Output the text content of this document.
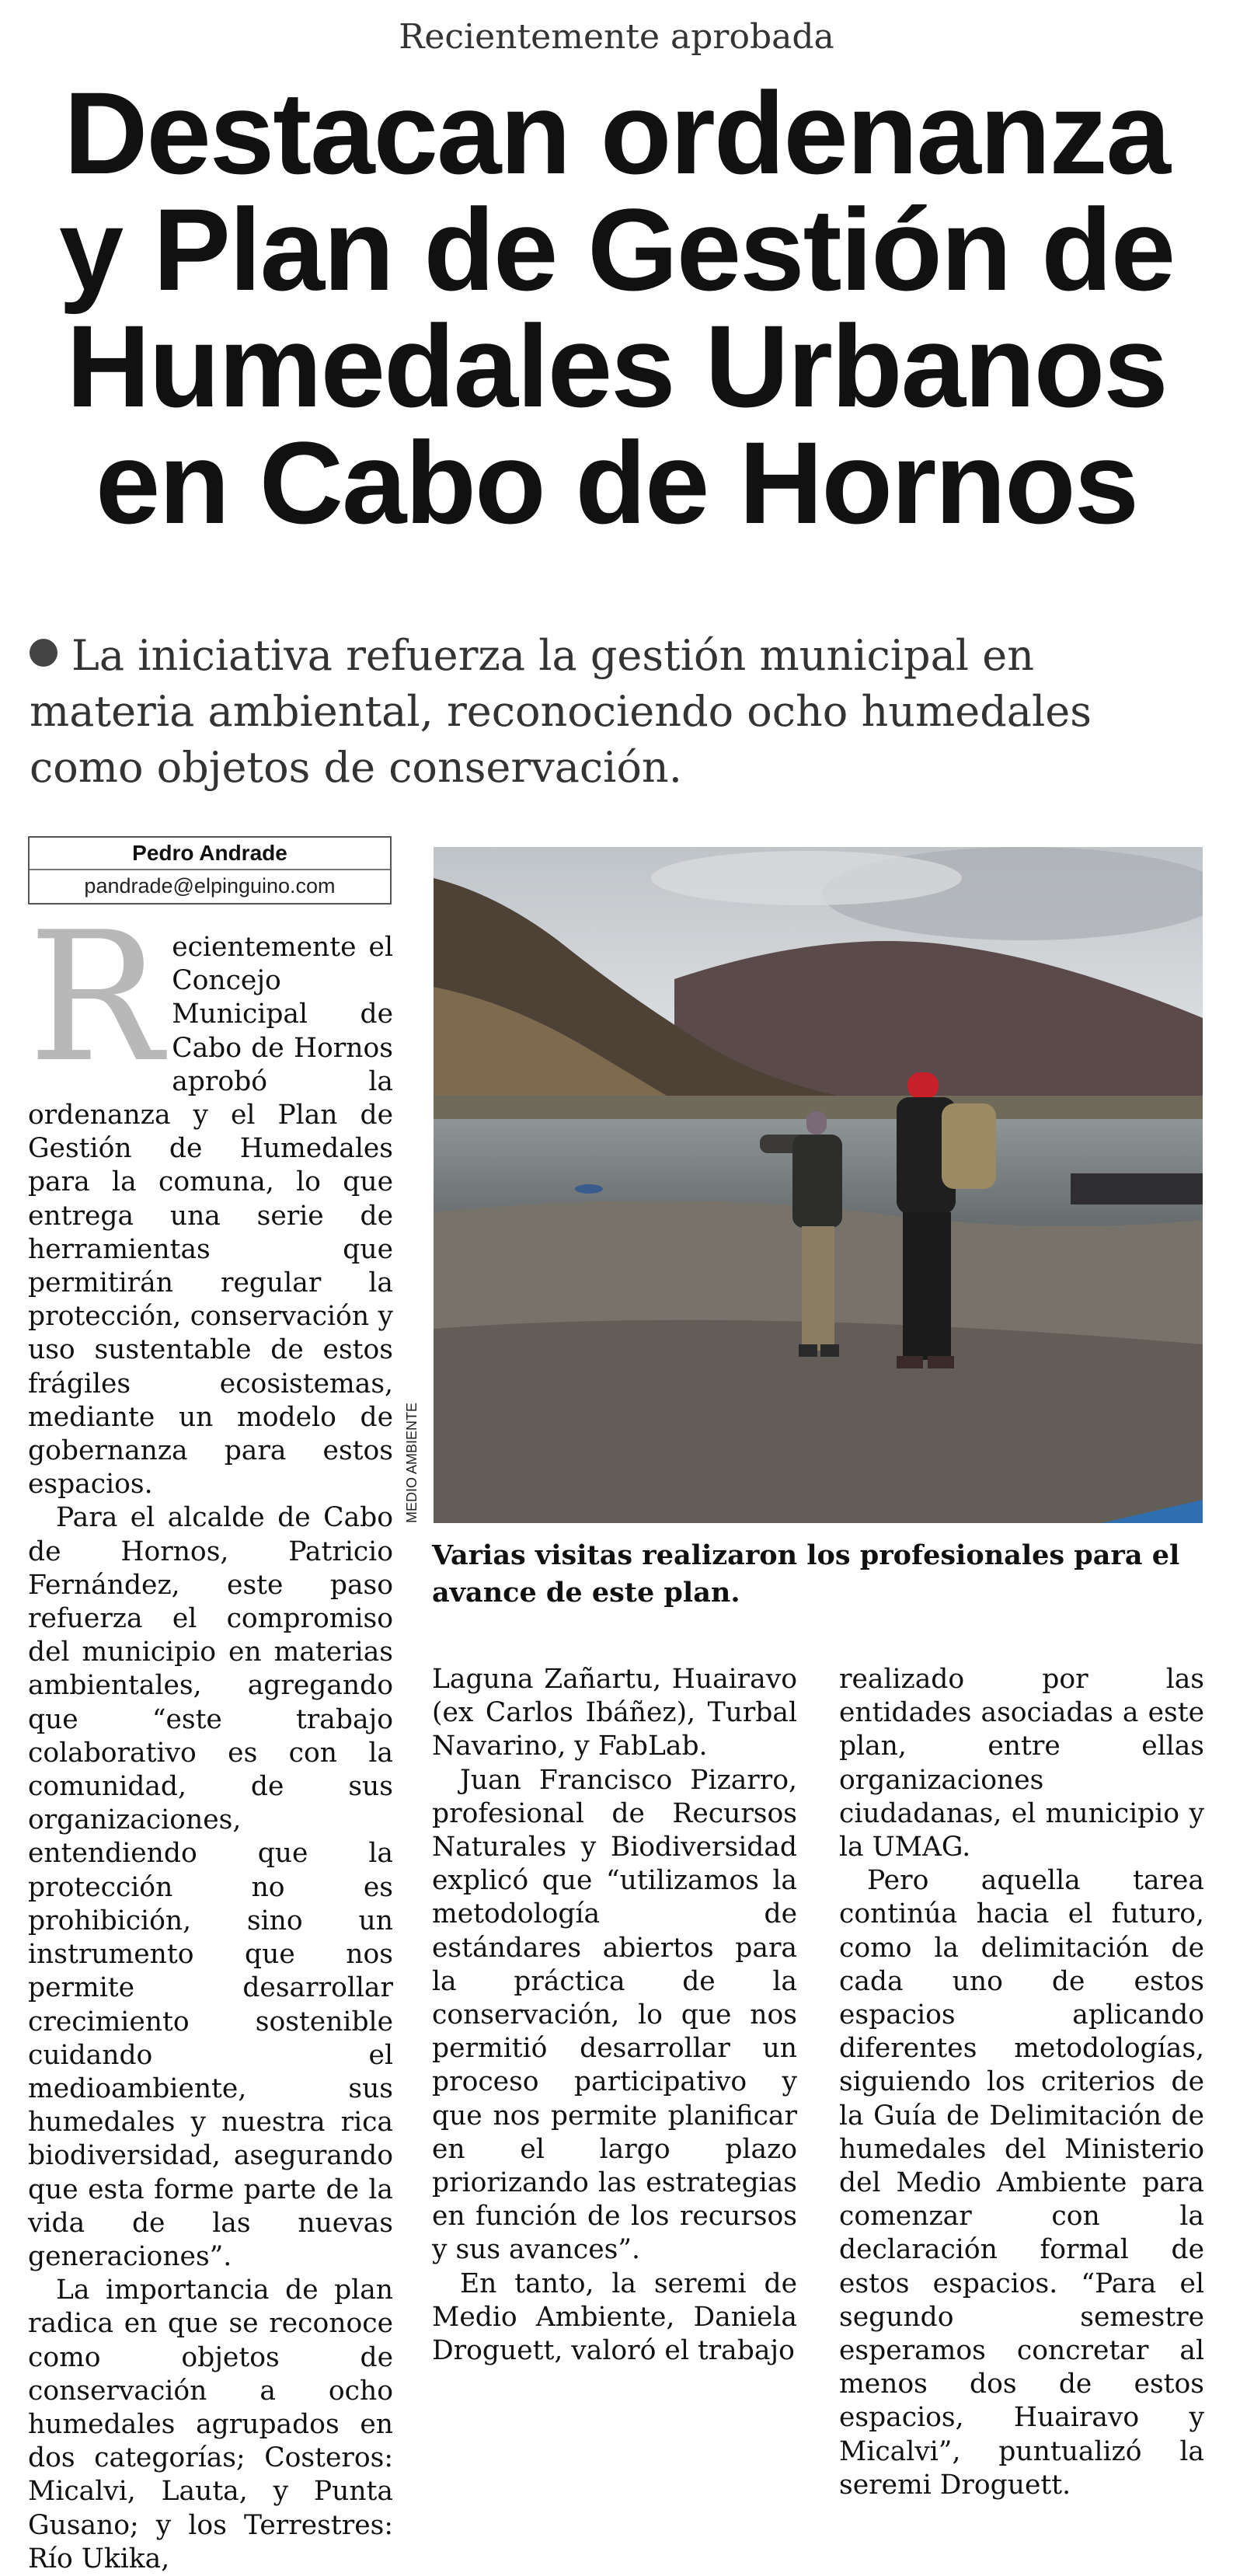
Recientemente aprobada
Destacan ordenanza
y Plan de Gestión de
Humedales Urbanos
en Cabo de Hornos

La iniciativa refuerza la gestión municipal en materia ambiental, reconociendo ocho humedales como objetos de conservación.

Pedro Andrade
pandrade@elpinguino.com

Recientemente el Concejo Municipal de Cabo de Hornos aprobó la ordenanza y el Plan de Gestión de Humedales para la comuna, lo que entrega una serie de herramientas que permitirán regular la protección, conservación y uso sustentable de estos frágiles ecosistemas, mediante un modelo de gobernanza para estos espacios.

Para el alcalde de Cabo de Hornos, Patricio Fernández, este paso refuerza el compromiso del municipio en materias ambientales, agregando que “este trabajo colaborativo es con la comunidad, de sus organizaciones, entendiendo que la protección no es prohibición, sino un instrumento que nos permite desarrollar crecimiento sostenible cuidando el medioambiente, sus humedales y nuestra rica biodiversidad, asegurando que esta forme parte de la vida de las nuevas generaciones”.

La importancia de plan radica en que se reconoce como objetos de conservación a ocho humedales agrupados en dos categorías; Costeros: Micalvi, Lauta, y Punta Gusano; y los Terrestres: Río Ukika,

MEDIO AMBIENTE

Varias visitas realizaron los profesionales para el avance de este plan.

Laguna Zañartu, Huairavo (ex Carlos Ibáñez), Turbal Navarino, y FabLab.

Juan Francisco Pizarro, profesional de Recursos Naturales y Biodiversidad explicó que “utilizamos la metodología de estándares abiertos para la práctica de la conservación, lo que nos permitió desarrollar un proceso participativo y que nos permite planificar en el largo plazo priorizando las estrategias en función de los recursos y sus avances”.

En tanto, la seremi de Medio Ambiente, Daniela Droguett, valoró el trabajo

realizado por las entidades asociadas a este plan, entre ellas organizaciones ciudadanas, el municipio y la UMAG.

Pero aquella tarea continúa hacia el futuro, como la delimitación de cada uno de estos espacios aplicando diferentes metodologías, siguiendo los criterios de la Guía de Delimitación de humedales del Ministerio del Medio Ambiente para comenzar con la declaración formal de estos espacios. “Para el segundo semestre esperamos concretar al menos dos de estos espacios, Huairavo y Micalvi”, puntualizó la seremi Droguett.
